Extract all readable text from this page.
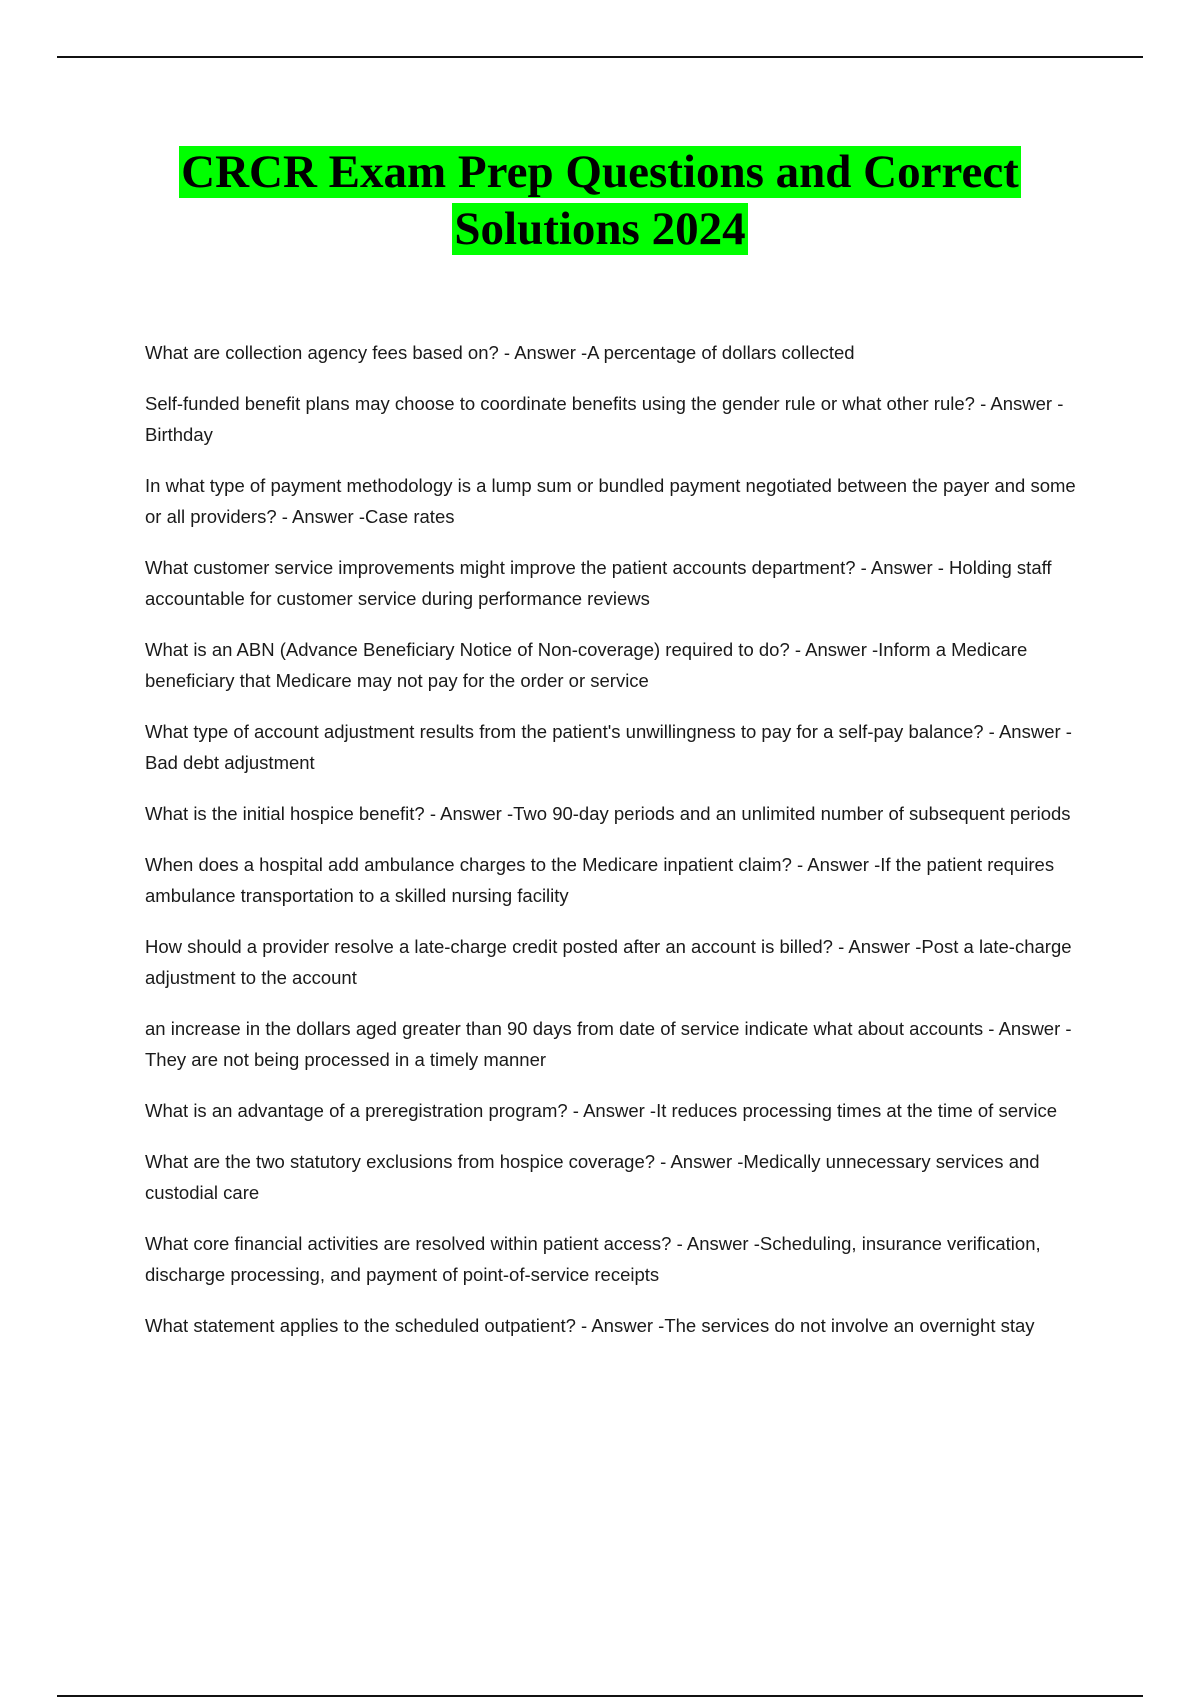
CRCR Exam Prep Questions and Correct
Solutions 2024

What are collection agency fees based on? - Answer -A percentage of dollars collected

Self-funded benefit plans may choose to coordinate benefits using the gender rule or what other rule? - Answer -Birthday

In what type of payment methodology is a lump sum or bundled payment negotiated between the payer and some or all providers? - Answer -Case rates

What customer service improvements might improve the patient accounts department? - Answer - Holding staff accountable for customer service during performance reviews

What is an ABN (Advance Beneficiary Notice of Non-coverage) required to do? - Answer -Inform a Medicare beneficiary that Medicare may not pay for the order or service

What type of account adjustment results from the patient's unwillingness to pay for a self-pay balance? - Answer -Bad debt adjustment

What is the initial hospice benefit? - Answer -Two 90-day periods and an unlimited number of subsequent periods

When does a hospital add ambulance charges to the Medicare inpatient claim? - Answer -If the patient requires ambulance transportation to a skilled nursing facility

How should a provider resolve a late-charge credit posted after an account is billed? - Answer -Post a late-charge adjustment to the account

an increase in the dollars aged greater than 90 days from date of service indicate what about accounts - Answer -They are not being processed in a timely manner

What is an advantage of a preregistration program? - Answer -It reduces processing times at the time of service

What are the two statutory exclusions from hospice coverage? - Answer -Medically unnecessary services and custodial care

What core financial activities are resolved within patient access? - Answer -Scheduling, insurance verification, discharge processing, and payment of point-of-service receipts

What statement applies to the scheduled outpatient? - Answer -The services do not involve an overnight stay
